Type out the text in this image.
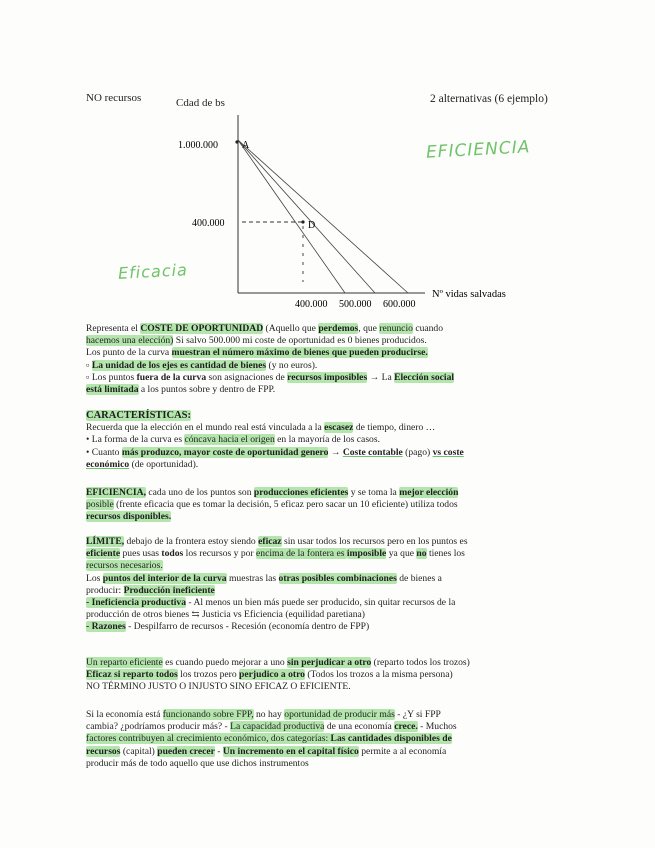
NO recursos	Cdad de bs	2 alternativas (6 ejemplo)
1.000.000
400.000
A
D
400.000 500.000 600.000
Nº vidas salvadas
EFICIENCIA
Eficacia

Representa el COSTE DE OPORTUNIDAD (Aquello que perdemos, que renuncio cuando

hacemos una elección) Si salvo 500.000 mi coste de oportunidad es 0 bienes producidos.

Los punto de la curva muestran el número máximo de bienes que pueden producirse.

▫ La unidad de los ejes es cantidad de bienes (y no euros).

▫ Los puntos fuera de la curva son asignaciones de recursos imposibles → La Elección social

está limitada a los puntos sobre y dentro de FPP.

CARACTERÍSTICAS:

Recuerda que la elección en el mundo real está vinculada a la escasez de tiempo, dinero …

• La forma de la curva es cóncava hacia el origen en la mayoría de los casos.

• Cuanto más produzco, mayor coste de oportunidad genero → Coste contable (pago) vs coste

económico (de oportunidad).

EFICIENCIA, cada uno de los puntos son producciones eficientes y se toma la mejor elección

posible (frente eficacia que es tomar la decisión, 5 eficaz pero sacar un 10 eficiente) utiliza todos

recursos disponibles.

LÍMITE, debajo de la frontera estoy siendo eficaz sin usar todos los recursos pero en los puntos es

eficiente pues usas todos los recursos y por encima de la fontera es imposible ya que no tienes los

recursos necesarios.

Los puntos del interior de la curva muestras las otras posibles combinaciones de bienes a

producir: Producción ineficiente

- Ineficiencia productiva - Al menos un bien más puede ser producido, sin quitar recursos de la

producción de otros bienes ⇆ Justicia vs Eficiencia (equilidad paretiana)

- Razones - Despilfarro de recursos - Recesión (economía dentro de FPP)

Un reparto eficiente es cuando puedo mejorar a uno sin perjudicar a otro (reparto todos los trozos)

Eficaz si reparto todos los trozos pero perjudico a otro (Todos los trozos a la misma persona)

NO TÉRMINO JUSTO O INJUSTO SINO EFICAZ O EFICIENTE.

Si la economía está funcionando sobre FPP, no hay oportunidad de producir más - ¿Y si FPP

cambia? ¿podríamos producir más? - La capacidad productiva de una economía crece. - Muchos

factores contribuyen al crecimiento económico, dos categorías: Las cantidades disponibles de

recursos (capital) pueden crecer - Un incremento en el capital físico permite a al economía

producir más de todo aquello que use dichos instrumentos
